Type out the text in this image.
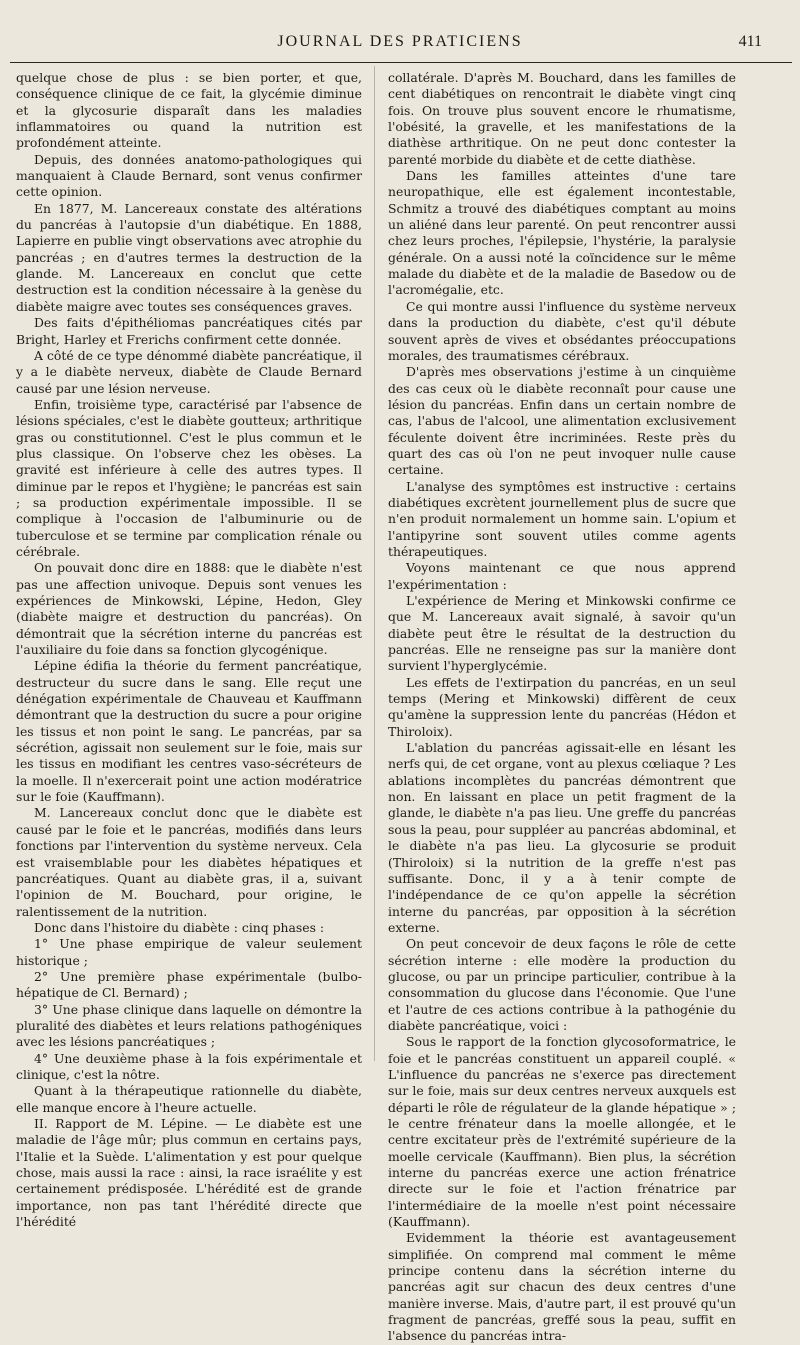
JOURNAL DES PRATICIENS	411

quelque chose de plus : se bien porter, et que, conséquence clinique de ce fait, la glycémie diminue et la glycosurie disparaît dans les maladies inflammatoires ou quand la nutrition est profondément atteinte.

Depuis, des données anatomo-pathologiques qui manquaient à Claude Bernard, sont venus confirmer cette opinion.

En 1877, M. Lancereaux constate des altérations du pancréas à l'autopsie d'un diabétique. En 1888, Lapierre en publie vingt observations avec atrophie du pancréas ; en d'autres termes la destruction de la glande. M. Lancereaux en conclut que cette destruction est la condition nécessaire à la genèse du diabète maigre avec toutes ses conséquences graves.

Des faits d'épithéliomas pancréatiques cités par Bright, Harley et Frerichs confirment cette donnée.

A côté de ce type dénommé diabète pancréatique, il y a le diabète nerveux, diabète de Claude Bernard causé par une lésion nerveuse.

Enfin, troisième type, caractérisé par l'absence de lésions spéciales, c'est le diabète goutteux; arthritique gras ou constitutionnel. C'est le plus commun et le plus classique. On l'observe chez les obèses. La gravité est inférieure à celle des autres types. Il diminue par le repos et l'hygiène; le pancréas est sain ; sa production expérimentale impossible. Il se complique à l'occasion de l'albuminurie ou de tuberculose et se termine par complication rénale ou cérébrale.

On pouvait donc dire en 1888: que le diabète n'est pas une affection univoque. Depuis sont venues les expériences de Minkowski, Lépine, Hedon, Gley (diabète maigre et destruction du pancréas). On démontrait que la sécrétion interne du pancréas est l'auxiliaire du foie dans sa fonction glycogénique.

Lépine édifia la théorie du ferment pancréatique, destructeur du sucre dans le sang. Elle reçut une dénégation expérimentale de Chauveau et Kauffmann démontrant que la destruction du sucre a pour origine les tissus et non point le sang. Le pancréas, par sa sécrétion, agissait non seulement sur le foie, mais sur les tissus en modifiant les centres vaso-sécréteurs de la moelle. Il n'exercerait point une action modératrice sur le foie (Kauffmann).

M. Lancereaux conclut donc que le diabète est causé par le foie et le pancréas, modifiés dans leurs fonctions par l'intervention du système nerveux. Cela est vraisemblable pour les diabètes hépatiques et pancréatiques. Quant au diabète gras, il a, suivant l'opinion de M. Bouchard, pour origine, le ralentissement de la nutrition.

Donc dans l'histoire du diabète : cinq phases :

1° Une phase empirique de valeur seulement historique ;

2° Une première phase expérimentale (bulbo-hépatique de Cl. Bernard) ;

3° Une phase clinique dans laquelle on démontre la pluralité des diabètes et leurs relations pathogéniques avec les lésions pancréatiques ;

4° Une deuxième phase à la fois expérimentale et clinique, c'est la nôtre.

Quant à la thérapeutique rationnelle du diabète, elle manque encore à l'heure actuelle.

II. Rapport de M. Lépine. — Le diabète est une maladie de l'âge mûr; plus commun en certains pays, l'Italie et la Suède. L'alimentation y est pour quelque chose, mais aussi la race : ainsi, la race israélite y est certainement prédisposée. L'hérédité est de grande importance, non pas tant l'hérédité directe que l'hérédité

collatérale. D'après M. Bouchard, dans les familles de cent diabétiques on rencontrait le diabète vingt cinq fois. On trouve plus souvent encore le rhumatisme, l'obésité, la gravelle, et les manifestations de la diathèse arthritique. On ne peut donc contester la parenté morbide du diabète et de cette diathèse.

Dans les familles atteintes d'une tare neuropathique, elle est également incontestable, Schmitz a trouvé des diabétiques comptant au moins un aliéné dans leur parenté. On peut rencontrer aussi chez leurs proches, l'épilepsie, l'hystérie, la paralysie générale. On a aussi noté la coïncidence sur le même malade du diabète et de la maladie de Basedow ou de l'acromégalie, etc.

Ce qui montre aussi l'influence du système nerveux dans la production du diabète, c'est qu'il débute souvent après de vives et obsédantes préoccupations morales, des traumatismes cérébraux.

D'après mes observations j'estime à un cinquième des cas ceux où le diabète reconnaît pour cause une lésion du pancréas. Enfin dans un certain nombre de cas, l'abus de l'alcool, une alimentation exclusivement féculente doivent être incriminées. Reste près du quart des cas où l'on ne peut invoquer nulle cause certaine.

L'analyse des symptômes est instructive : certains diabétiques excrètent journellement plus de sucre que n'en produit normalement un homme sain. L'opium et l'antipyrine sont souvent utiles comme agents thérapeutiques.

Voyons maintenant ce que nous apprend l'expérimentation :

L'expérience de Mering et Minkowski confirme ce que M. Lancereaux avait signalé, à savoir qu'un diabète peut être le résultat de la destruction du pancréas. Elle ne renseigne pas sur la manière dont survient l'hyperglycémie.

Les effets de l'extirpation du pancréas, en un seul temps (Mering et Minkowski) diffèrent de ceux qu'amène la suppression lente du pancréas (Hédon et Thiroloix).

L'ablation du pancréas agissait-elle en lésant les nerfs qui, de cet organe, vont au plexus cœliaque ? Les ablations incomplètes du pancréas démontrent que non. En laissant en place un petit fragment de la glande, le diabète n'a pas lieu. Une greffe du pancréas sous la peau, pour suppléer au pancréas abdominal, et le diabète n'a pas lieu. La glycosurie se produit (Thiroloix) si la nutrition de la greffe n'est pas suffisante. Donc, il y a à tenir compte de l'indépendance de ce qu'on appelle la sécrétion interne du pancréas, par opposition à la sécrétion externe.

On peut concevoir de deux façons le rôle de cette sécrétion interne : elle modère la production du glucose, ou par un principe particulier, contribue à la consommation du glucose dans l'économie. Que l'une et l'autre de ces actions contribue à la pathogénie du diabète pancréatique, voici :

Sous le rapport de la fonction glycosoformatrice, le foie et le pancréas constituent un appareil couplé. « L'influence du pancréas ne s'exerce pas directement sur le foie, mais sur deux centres nerveux auxquels est départi le rôle de régulateur de la glande hépatique » ; le centre frénateur dans la moelle allongée, et le centre excitateur près de l'extrémité supérieure de la moelle cervicale (Kauffmann). Bien plus, la sécrétion interne du pancréas exerce une action frénatrice directe sur le foie et l'action frénatrice par l'intermédiaire de la moelle n'est point nécessaire (Kauffmann).

Evidemment la théorie est avantageusement simplifiée. On comprend mal comment le même principe contenu dans la sécrétion interne du pancréas agit sur chacun des deux centres d'une manière inverse. Mais, d'autre part, il est prouvé qu'un fragment de pancréas, greffé sous la peau, suffit en l'absence du pancréas intra-
